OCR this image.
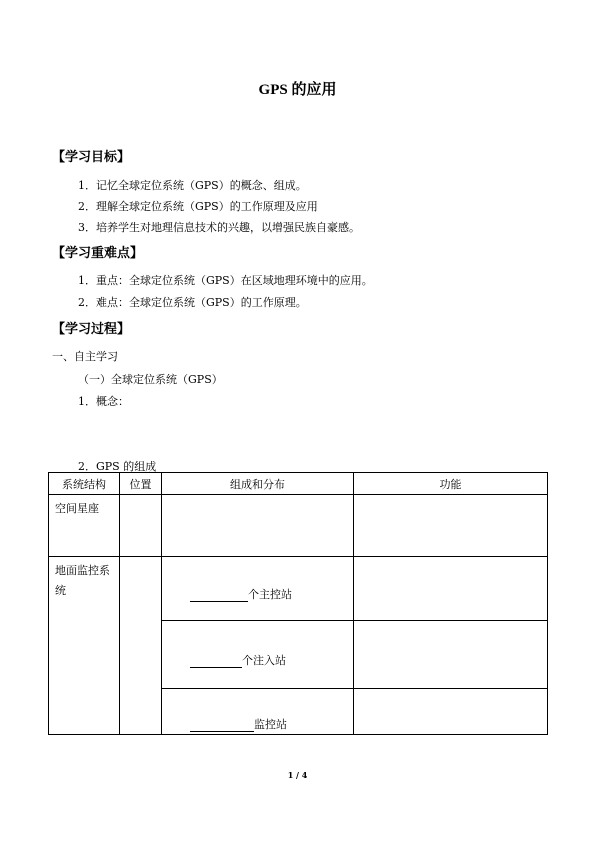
GPS 的应用
【学习目标】
1．记忆全球定位系统（GPS）的概念、组成。
2．理解全球定位系统（GPS）的工作原理及应用
3．培养学生对地理信息技术的兴趣，以增强民族自豪感。
【学习重难点】
1．重点：全球定位系统（GPS）在区域地理环境中的应用。
2．难点：全球定位系统（GPS）的工作原理。
【学习过程】
一、自主学习
（一）全球定位系统（GPS）
1．概念：
2．GPS 的组成
系统结构	位置	组成和分布	功能

空间星座			

地面监控系统		个主控站	
		个注入站	
		监控站	
1 / 4
